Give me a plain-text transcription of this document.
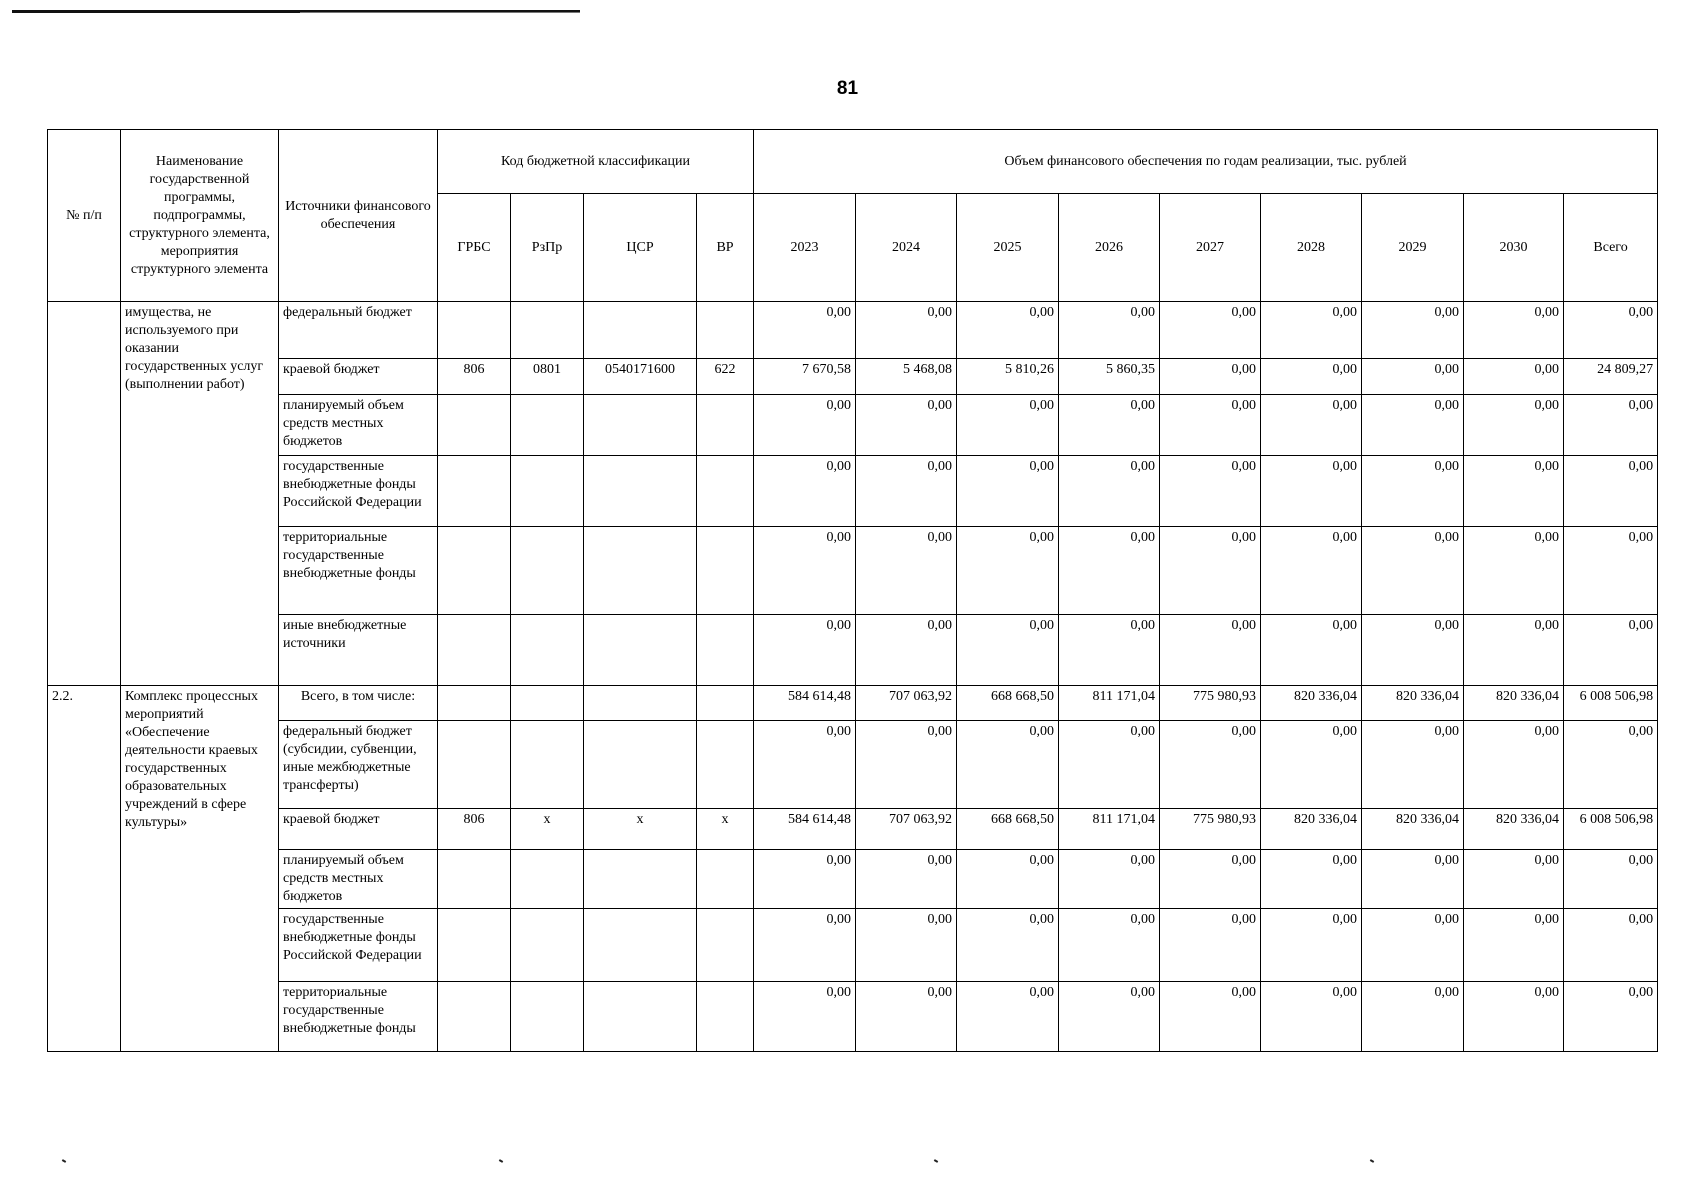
81
№ п/п	Наименование государственной программы, подпрограммы, структурного элемента, мероприятия структурного элемента	Источники финансового обеспечения	Код бюджетной классификации				Объем финансового обеспечения по годам реализации, тыс. рублей								
			ГРБС	РзПр	ЦСР	ВР	2023	2024	2025	2026	2027	2028	2029	2030	Всего
	имущества, не используемого при оказании государственных услуг (выполнении работ)	федеральный бюджет					0,00	0,00	0,00	0,00	0,00	0,00	0,00	0,00	0,00
		краевой бюджет	806	0801	0540171600	622	7 670,58	5 468,08	5 810,26	5 860,35	0,00	0,00	0,00	0,00	24 809,27
		планируемый объем средств местных бюджетов					0,00	0,00	0,00	0,00	0,00	0,00	0,00	0,00	0,00
		государственные внебюджетные фонды Российской Федерации					0,00	0,00	0,00	0,00	0,00	0,00	0,00	0,00	0,00
		территориальные государственные внебюджетные фонды					0,00	0,00	0,00	0,00	0,00	0,00	0,00	0,00	0,00
		иные внебюджетные источники					0,00	0,00	0,00	0,00	0,00	0,00	0,00	0,00	0,00
2.2.	Комплекс процессных мероприятий «Обеспечение деятельности краевых государственных образовательных учреждений в сфере культуры»	Всего, в том числе:					584 614,48	707 063,92	668 668,50	811 171,04	775 980,93	820 336,04	820 336,04	820 336,04	6 008 506,98
		федеральный бюджет (субсидии, субвенции, иные межбюджетные трансферты)					0,00	0,00	0,00	0,00	0,00	0,00	0,00	0,00	0,00
		краевой бюджет	806	х	х	х	584 614,48	707 063,92	668 668,50	811 171,04	775 980,93	820 336,04	820 336,04	820 336,04	6 008 506,98
		планируемый объем средств местных бюджетов					0,00	0,00	0,00	0,00	0,00	0,00	0,00	0,00	0,00
		государственные внебюджетные фонды Российской Федерации					0,00	0,00	0,00	0,00	0,00	0,00	0,00	0,00	0,00
		территориальные государственные внебюджетные фонды					0,00	0,00	0,00	0,00	0,00	0,00	0,00	0,00	0,00
